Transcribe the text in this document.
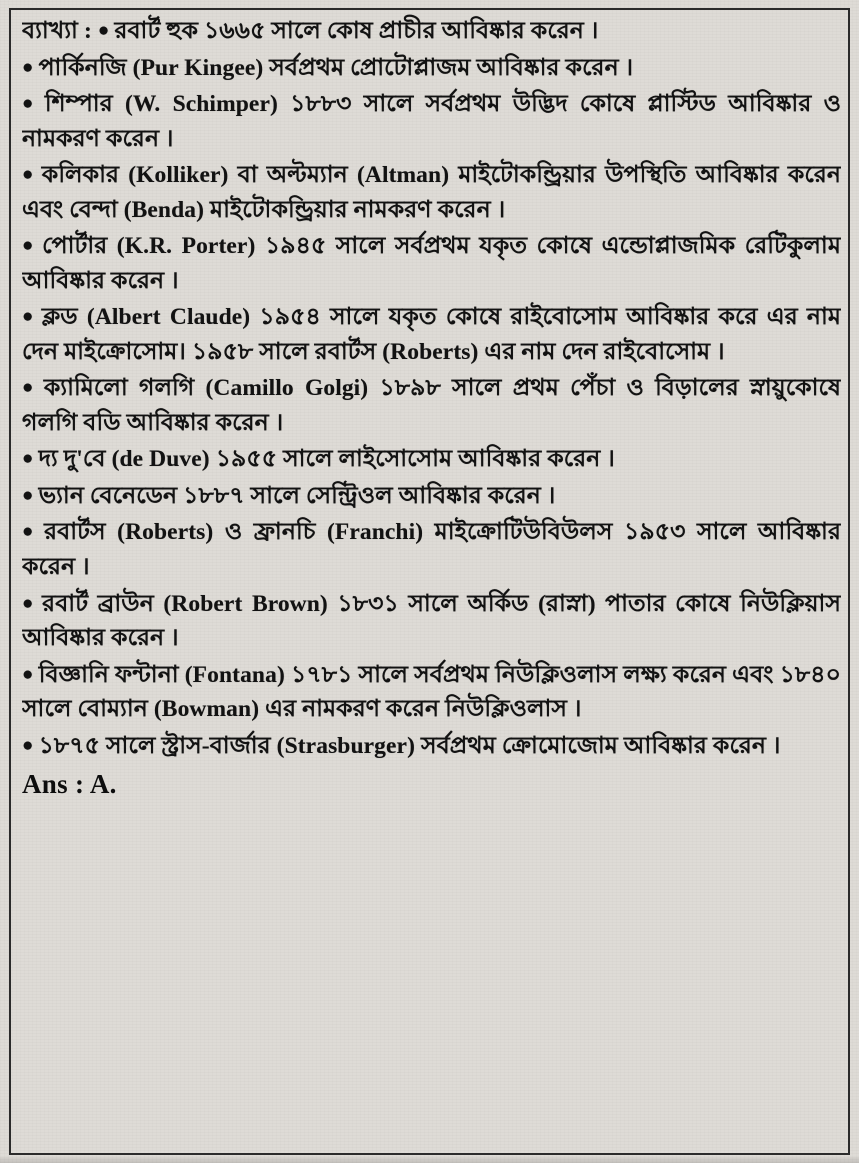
ব্যাখ্যা : ● রবার্ট হুক ১৬৬৫ সালে কোষ প্রাচীর আবিষ্কার করেন ।

● পার্কিনজি (Pur Kingee) সর্বপ্রথম প্রোটোপ্লাজম আবিষ্কার করেন ।

● শিম্পার (W. Schimper) ১৮৮৩ সালে সর্বপ্রথম উদ্ভিদ কোষে প্লাস্টিড আবিষ্কার ও নামকরণ করেন ।

● কলিকার (Kolliker) বা অল্টম্যান (Altman) মাইটোকন্ড্রিয়ার উপস্থিতি আবিষ্কার করেন এবং বেন্দা (Benda) মাইটোকন্ড্রিয়ার নামকরণ করেন ।

● পোর্টার (K.R. Porter) ১৯৪৫ সালে সর্বপ্রথম যকৃত কোষে এন্ডোপ্লাজমিক রেটিকুলাম আবিষ্কার করেন ।

● ক্লড (Albert Claude) ১৯৫৪ সালে যকৃত কোষে রাইবোসোম আবিষ্কার করে এর নাম দেন মাইক্রোসোম। ১৯৫৮ সালে রবার্টস (Roberts) এর নাম দেন রাইবোসোম ।

● ক্যামিলো গলগি (Camillo Golgi) ১৮৯৮ সালে প্রথম পেঁচা ও বিড়ালের স্নায়ুকোষে গলগি বডি আবিষ্কার করেন ।

● দ্য দু'বে (de Duve) ১৯৫৫ সালে লাইসোসোম আবিষ্কার করেন ।

● ভ্যান বেনেডেন ১৮৮৭ সালে সেন্ট্রিওল আবিষ্কার করেন ।

● রবার্টস (Roberts) ও ফ্রানচি (Franchi) মাইক্রোটিউবিউলস ১৯৫৩ সালে আবিষ্কার করেন ।

● রবার্ট ব্রাউন (Robert Brown) ১৮৩১ সালে অর্কিড (রাস্না) পাতার কোষে নিউক্লিয়াস আবিষ্কার করেন ।

● বিজ্ঞানি ফন্টানা (Fontana) ১৭৮১ সালে সর্বপ্রথম নিউক্লিওলাস লক্ষ্য করেন এবং ১৮৪০ সালে বোম্যান (Bowman) এর নামকরণ করেন নিউক্লিওলাস ।

● ১৮৭৫ সালে স্ট্রাস-বার্জার (Strasburger) সর্বপ্রথম ক্রোমোজোম আবিষ্কার করেন ।

Ans : A.
